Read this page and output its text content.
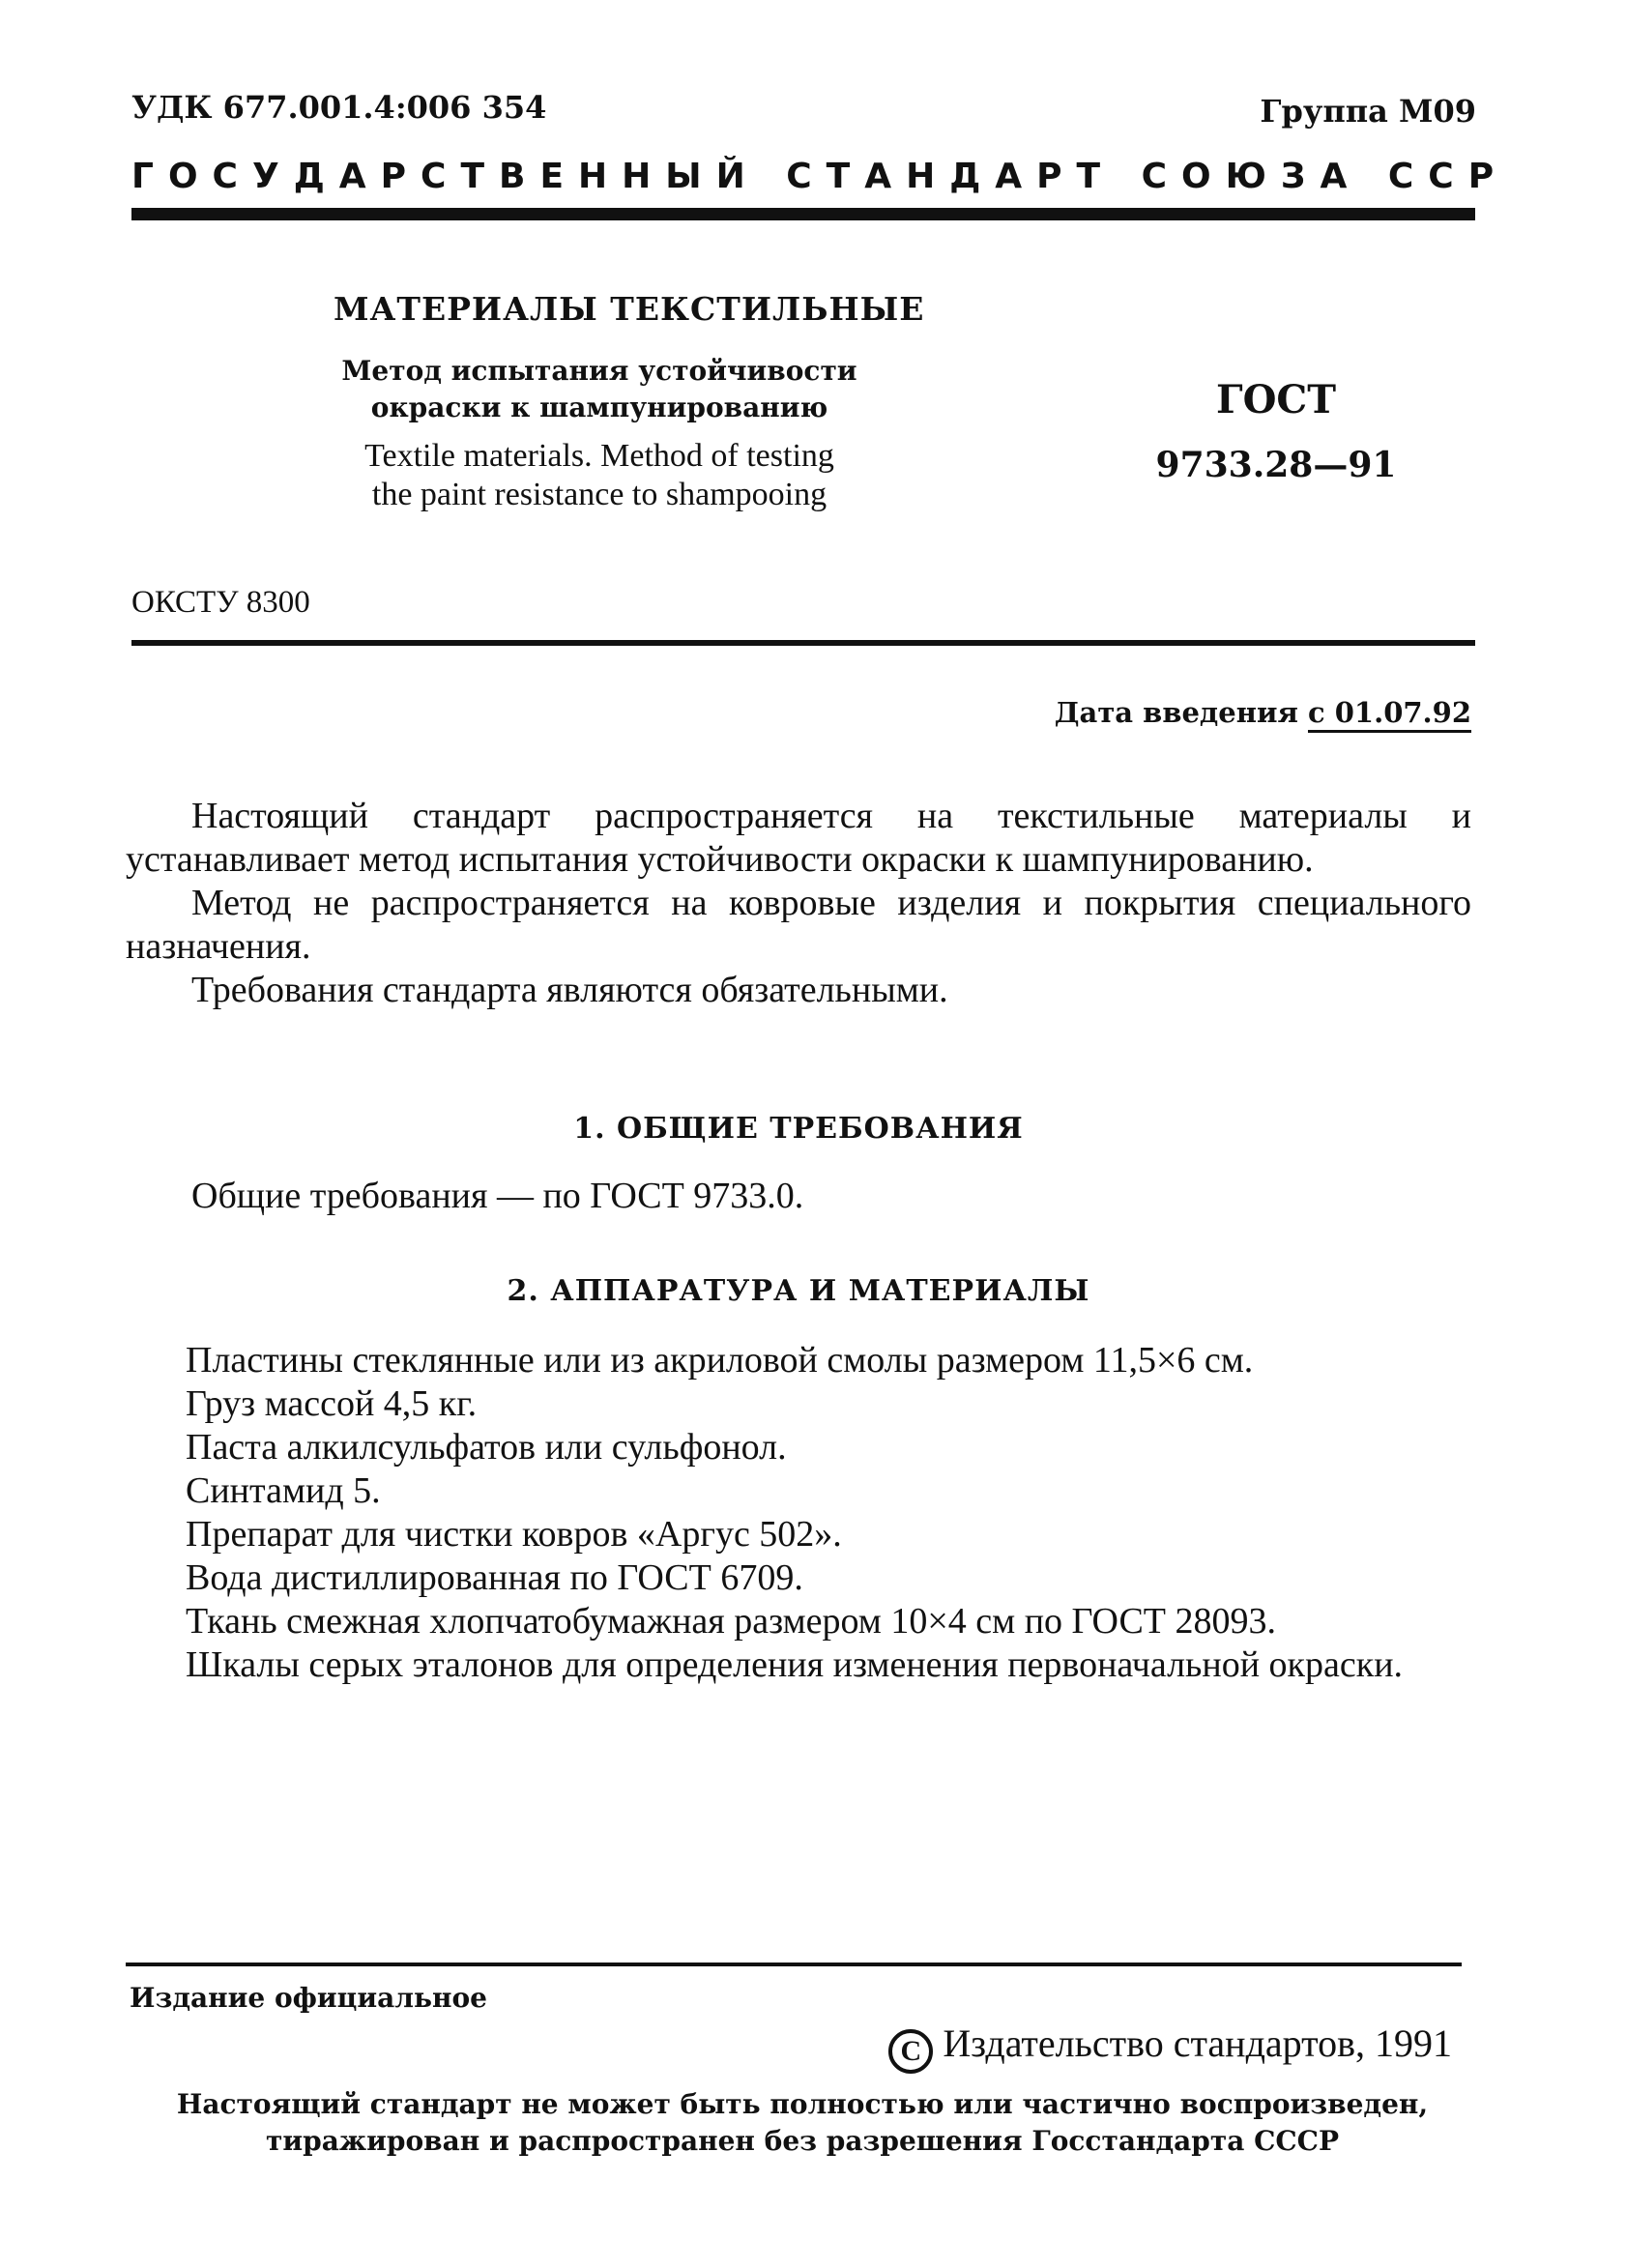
УДК 677.001.4:006 354	Группа М09
ГОСУДАРСТВЕННЫЙ СТАНДАРТ СОЮЗА ССР
МАТЕРИАЛЫ ТЕКСТИЛЬНЫЕ
Метод испытания устойчивости
окраски к шампунированию
Textile materials. Method of testing
the paint resistance to shampooing
ГОСТ
9733.28—91
ОКСТУ 8300
Дата введения с 01.07.92

Настоящий стандарт распространяется на текстильные материалы и устанавливает метод испытания устойчивости окраски к шампунированию.

Метод не распространяется на ковровые изделия и покрытия специального назначения.

Требования стандарта являются обязательными.

1. ОБЩИЕ ТРЕБОВАНИЯ

Общие требования — по ГОСТ 9733.0.

2. АППАРАТУРА И МАТЕРИАЛЫ

Пластины стеклянные или из акриловой смолы размером 11,5×6 см.

Груз массой 4,5 кг.

Паста алкилсульфатов или сульфонол.

Синтамид 5.

Препарат для чистки ковров «Аргус 502».

Вода дистиллированная по ГОСТ 6709.

Ткань смежная хлопчатобумажная размером 10×4 см по ГОСТ 28093.

Шкалы серых эталонов для определения изменения первоначальной окраски.

Издание официальное
C Издательство стандартов, 1991
Настоящий стандарт не может быть полностью или частично воспроизведен,
тиражирован и распространен без разрешения Госстандарта СССР
